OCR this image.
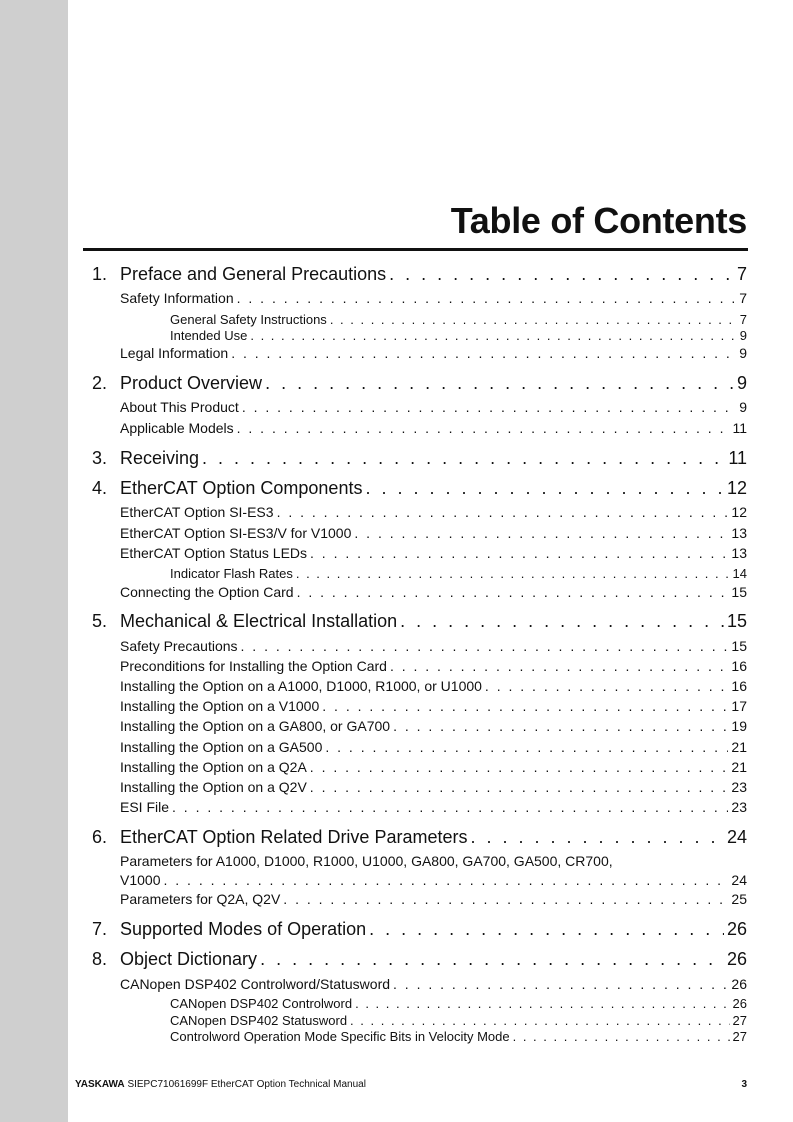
Table of Contents
1. Preface and General Precautions . . .	7
Safety Information . . .	7
General Safety Instructions . . .	7
Intended Use . . .	9
Legal Information . . .	9
2. Product Overview . . .	9
About This Product . . .	9
Applicable Models . . .	11
3. Receiving . . .	11
4. EtherCAT Option Components . . .	12
EtherCAT Option SI-ES3 . . .	12
EtherCAT Option SI-ES3/V for V1000 . . .	13
EtherCAT Option Status LEDs . . .	13
Indicator Flash Rates . . .	14
Connecting the Option Card . . .	15
5. Mechanical & Electrical Installation . . .	15
Safety Precautions . . .	15
Preconditions for Installing the Option Card . . .	16
Installing the Option on a A1000, D1000, R1000, or U1000 . . .	16
Installing the Option on a V1000 . . .	17
Installing the Option on a GA800, or GA700 . . .	19
Installing the Option on a GA500 . . .	21
Installing the Option on a Q2A . . .	21
Installing the Option on a Q2V . . .	23
ESI File . . .	23
6. EtherCAT Option Related Drive Parameters . . .	24
Parameters for A1000, D1000, R1000, U1000, GA800, GA700, GA500, CR700,
V1000 . . .	24
Parameters for Q2A, Q2V . . .	25
7. Supported Modes of Operation . . .	26
8. Object Dictionary . . .	26
CANopen DSP402 Controlword/Statusword . . .	26
CANopen DSP402 Controlword . . .	26
CANopen DSP402 Statusword . . .	27
Controlword Operation Mode Specific Bits in Velocity Mode . . .	27
YASKAWA SIEPC71061699F EtherCAT Option Technical Manual	3
